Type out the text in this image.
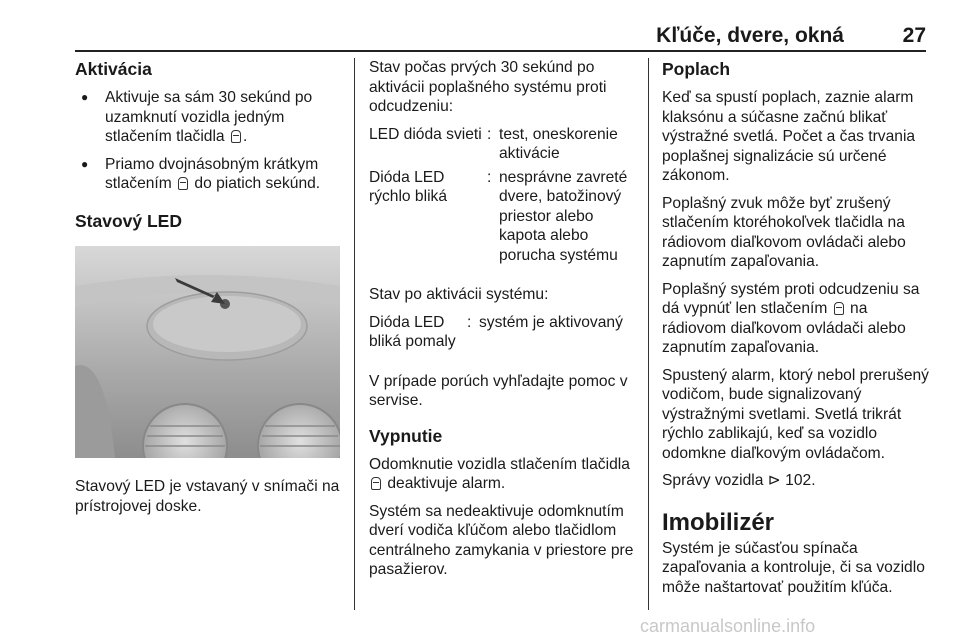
Kľúče, dvere, okná	27
Aktivácia
● Aktivuje sa sám 30 sekúnd po uzamknutí vozidla jedným stlačením tlačidla .
● Priamo dvojnásobným krátkym stlačením do piatich sekúnd.
Stavový LED

Stavový LED je vstavaný v snímači na prístrojovej doske.

Stav počas prvých 30 sekúnd po aktivácii poplašného systému proti odcudzeniu:

LED dióda svieti : test, oneskorenie aktivácie
Dióda LED rýchlo bliká
: nesprávne zavreté dvere, batožinový priestor alebo kapota alebo porucha systému

Stav po aktivácii systému:

Dióda LED bliká pomaly
: systém je aktivovaný

V prípade porúch vyhľadajte pomoc v servise.

Vypnutie

Odomknutie vozidla stlačením tlačidla  deaktivuje alarm.

Systém sa nedeaktivuje odomknutím dverí vodiča kľúčom alebo tlačidlom centrálneho zamykania v priestore pre pasažierov.

Poplach

Keď sa spustí poplach, zaznie alarm klaksónu a súčasne začnú blikať výstražné svetlá. Počet a čas trvania poplašnej signalizácie sú určené zákonom.

Poplašný zvuk môže byť zrušený stlačením ktoréhokoľvek tlačidla na rádiovom diaľkovom ovládači alebo zapnutím zapaľovania.

Poplašný systém proti odcudzeniu sa dá vypnúť len stlačením na rádiovom diaľkovom ovládači alebo zapnutím zapaľovania.

Spustený alarm, ktorý nebol prerušený vodičom, bude signalizovaný výstražnými svetlami. Svetlá trikrát rýchlo zablikajú, keď sa vozidlo odomkne diaľkovým ovládačom.

Správy vozidla ⊳ 102.

Imobilizér

Systém je súčasťou spínača zapaľovania a kontroluje, či sa vozidlo môže naštartovať použitím kľúča.

carmanualsonline.info
